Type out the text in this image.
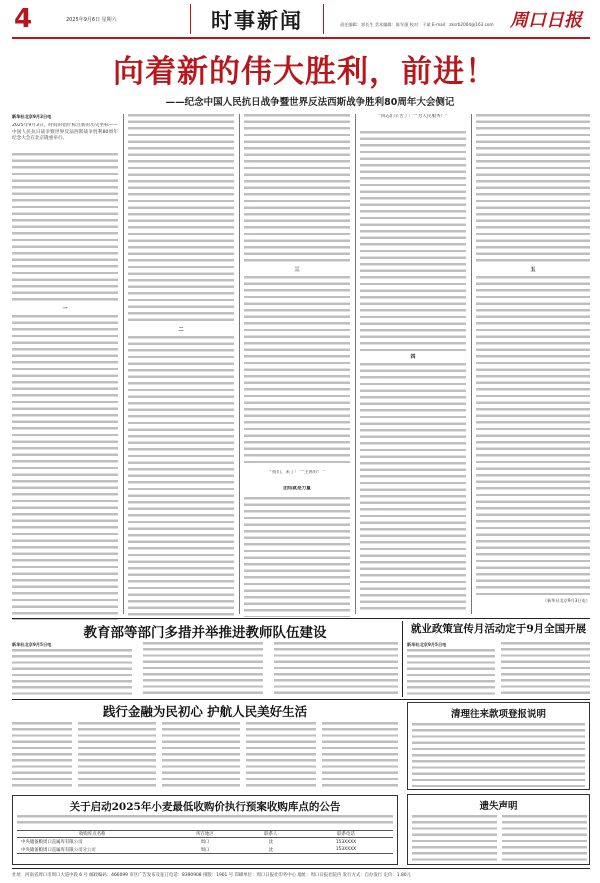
4	2025年9月6日 星期六	时事新闻	责任编辑：郭长生 美术编辑：陈军强 校对：于斌 E-mail：zksrb2004@163.com 周口日报
向着新的伟大胜利，前进！
——纪念中国人民抗日战争暨世界反法西斯战争胜利80周年大会侧记
新华社北京9月3日电
2025年9月3日，时间的指针标注新的历史坐标——中国人民抗日战争暨世界反法西斯战争胜利80周年纪念大会在北京隆重举行。
一
二
三
“我们，来了！”“主席好！”
团结就是力量
“同志们辛苦了！”“为人民服务！”
四
五
（新华社北京9月3日电）
教育部等部门多措并举推进教师队伍建设
新华社北京9月5日电
就业政策宣传月活动定于9月全国开展
新华社北京9月5日电
践行金融为民初心 护航人民美好生活	清理往来款项登报说明
关于启动2025年小麦最低收购价执行预案收购库点的公告
收购库点名称	所在地区	联系人	联系电话
中央储备粮周口直属库有限公司	周口	沈	153XXXX
中央储备粮周口直属库有限公司分公司	周口	沈	153XXXX
遗失声明
社址：河南省周口市周口大道中段 6 号 邮政编码：466099 市区广告发布及征订电话：8390908 排版：1901 号 印刷单位：周口日报社印务中心 地址：周口日报社院内 发行方式：自办发行 定价：1.80元
